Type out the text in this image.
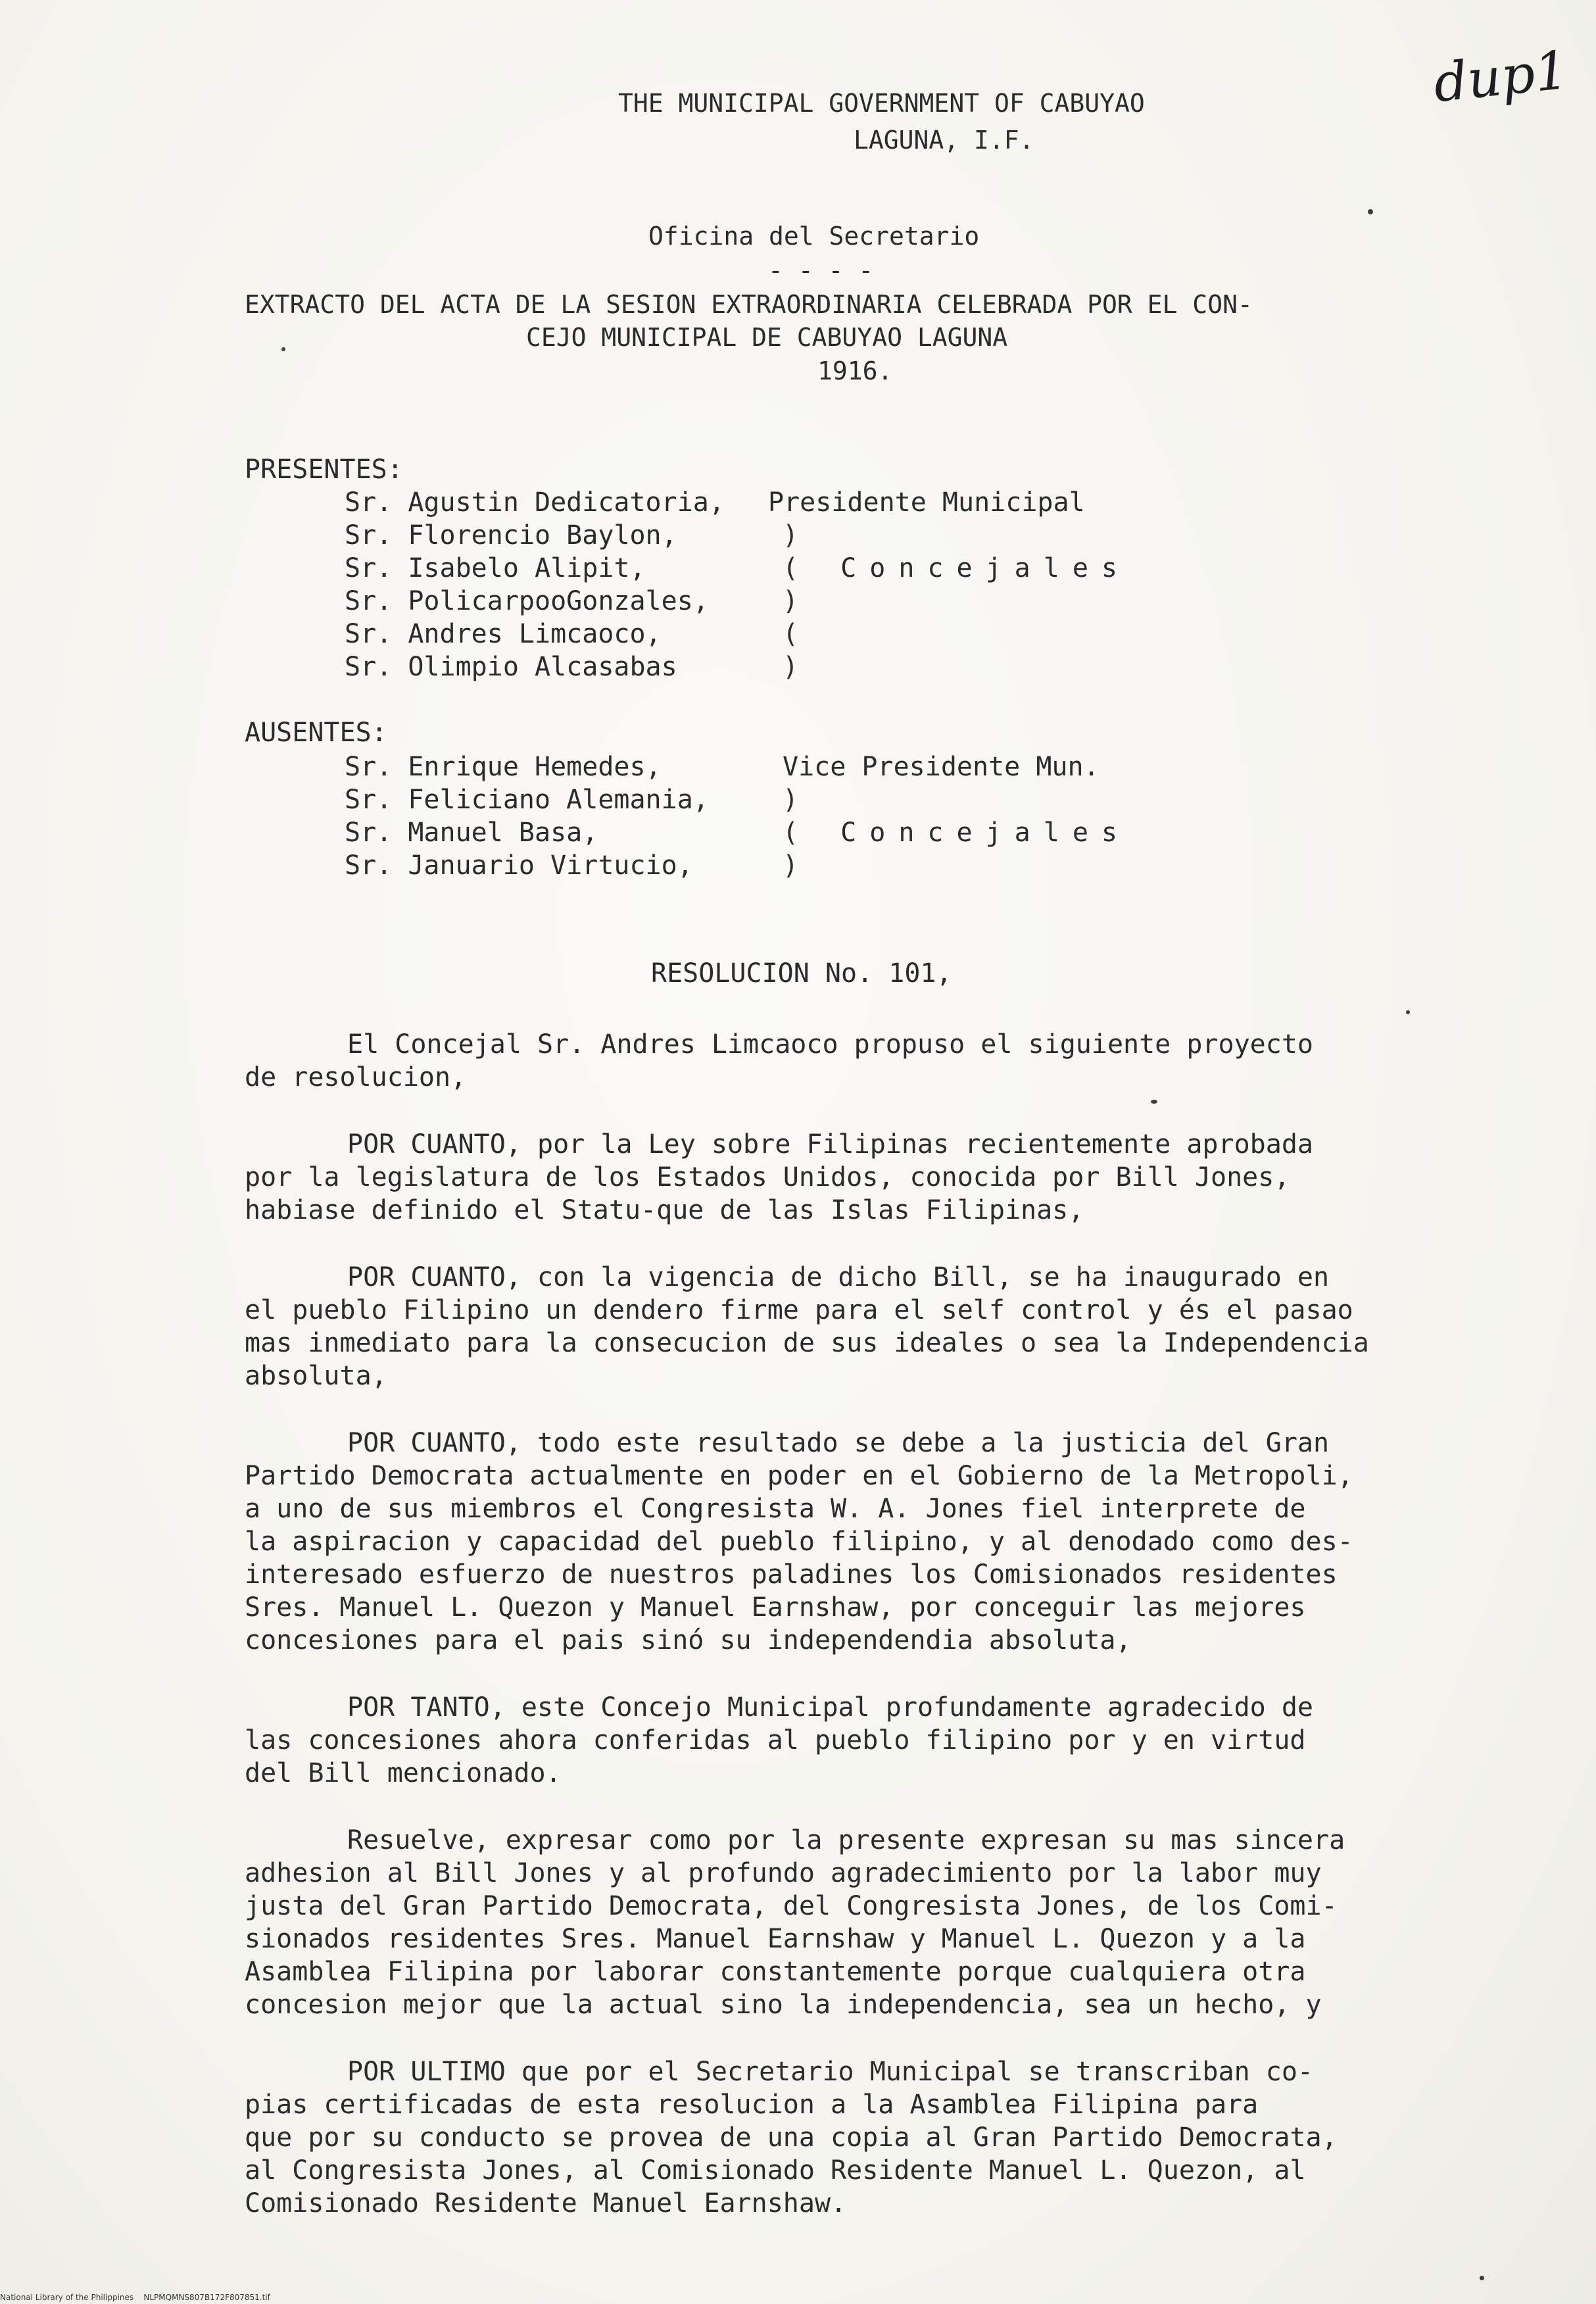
THE MUNICIPAL GOVERNMENT OF CABUYAO

LAGUNA, I.F.

Oficina del Secretario

- - - -

EXTRACTO DEL ACTA DE LA SESION EXTRAORDINARIA CELEBRADA POR EL CON-

CEJO MUNICIPAL DE CABUYAO LAGUNA

1916.

dup1

PRESENTES:

Sr. Agustin Dedicatoria, Presidente Municipal

Sr. Florencio Baylon,	)

Sr. Isabelo Alipit,	( Concejales

Sr. PolicarpooGonzales,	)

Sr. Andres Limcaoco,	(

Sr. Olimpio Alcasabas	)

AUSENTES:

Sr. Enrique Hemedes,	Vice Presidente Mun.

Sr. Feliciano Alemania,	)

Sr. Manuel Basa,	( Concejales

Sr. Januario Virtucio,	)

RESOLUCION No. 101,

El Concejal Sr. Andres Limcaoco propuso el siguiente proyecto

de resolucion,

POR CUANTO, por la Ley sobre Filipinas recientemente aprobada

por la legislatura de los Estados Unidos, conocida por Bill Jones,

habiase definido el Statu-que de las Islas Filipinas,

POR CUANTO, con la vigencia de dicho Bill, se ha inaugurado en

el pueblo Filipino un dendero firme para el self control y és el pasao

mas inmediato para la consecucion de sus ideales o sea la Independencia

absoluta,

POR CUANTO, todo este resultado se debe a la justicia del Gran

Partido Democrata actualmente en poder en el Gobierno de la Metropoli,

a uno de sus miembros el Congresista W. A. Jones fiel interprete de

la aspiracion y capacidad del pueblo filipino, y al denodado como des-

interesado esfuerzo de nuestros paladines los Comisionados residentes

Sres. Manuel L. Quezon y Manuel Earnshaw, por conceguir las mejores

concesiones para el pais sinó su independendia absoluta,

POR TANTO, este Concejo Municipal profundamente agradecido de

las concesiones ahora conferidas al pueblo filipino por y en virtud

del Bill mencionado.

Resuelve, expresar como por la presente expresan su mas sincera

adhesion al Bill Jones y al profundo agradecimiento por la labor muy

justa del Gran Partido Democrata, del Congresista Jones, de los Comi-

sionados residentes Sres. Manuel Earnshaw y Manuel L. Quezon y a la

Asamblea Filipina por laborar constantemente porque cualquiera otra

concesion mejor que la actual sino la independencia, sea un hecho, y

POR ULTIMO que por el Secretario Municipal se transcriban co-

pias certificadas de esta resolucion a la Asamblea Filipina para

que por su conducto se provea de una copia al Gran Partido Democrata,

al Congresista Jones, al Comisionado Residente Manuel L. Quezon, al

Comisionado Residente Manuel Earnshaw.

National Library of the Philippines    NLPMQMNS807B172F807851.tif
